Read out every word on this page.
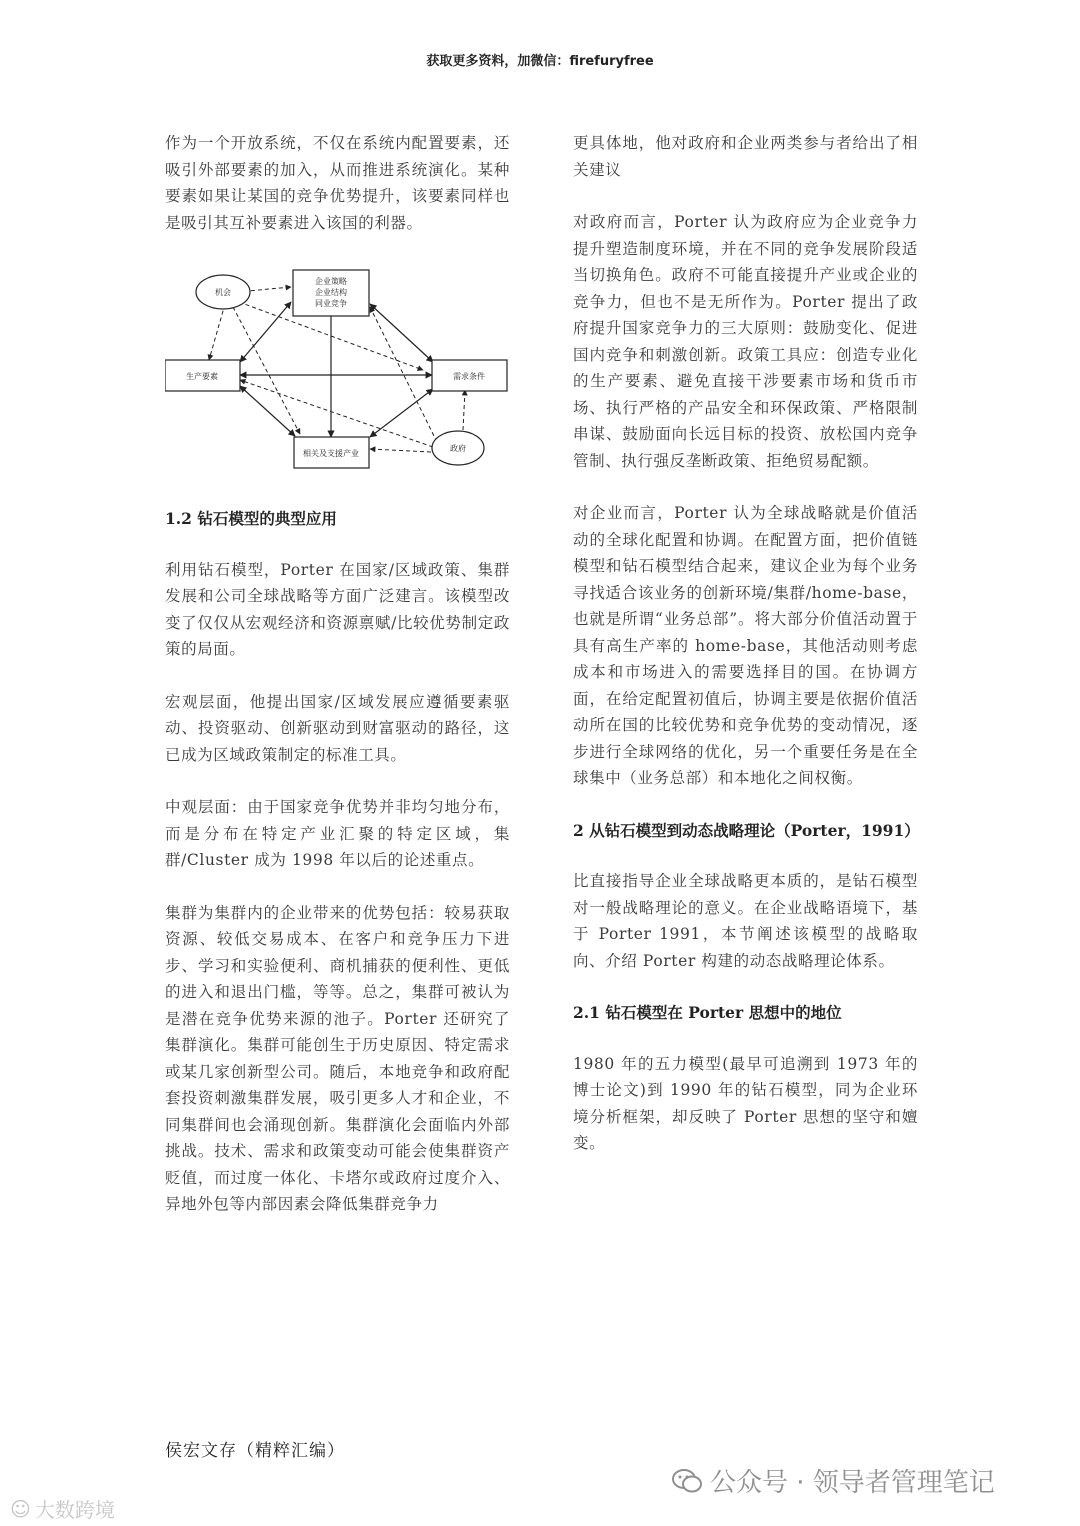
获取更多资料，加微信：firefuryfree

作为一个开放系统，不仅在系统内配置要素，还吸引外部要素的加入，从而推进系统演化。某种要素如果让某国的竞争优势提升，该要素同样也是吸引其互补要素进入该国的利器。

机会
企业策略
企业结构
同业竞争
生产要素	需求条件
相关及支援产业
政府
1.2 钻石模型的典型应用

利用钻石模型，Porter 在国家/区域政策、集群发展和公司全球战略等方面广泛建言。该模型改变了仅仅从宏观经济和资源禀赋/比较优势制定政策的局面。

宏观层面，他提出国家/区域发展应遵循要素驱动、投资驱动、创新驱动到财富驱动的路径，这已成为区域政策制定的标准工具。

中观层面：由于国家竞争优势并非均匀地分布，而是分布在特定产业汇聚的特定区域，集群/Cluster 成为 1998 年以后的论述重点。

集群为集群内的企业带来的优势包括：较易获取资源、较低交易成本、在客户和竞争压力下进步、学习和实验便利、商机捕获的便利性、更低的进入和退出门槛，等等。总之，集群可被认为是潜在竞争优势来源的池子。Porter 还研究了集群演化。集群可能创生于历史原因、特定需求或某几家创新型公司。随后，本地竞争和政府配套投资刺激集群发展，吸引更多人才和企业，不同集群间也会涌现创新。集群演化会面临内外部挑战。技术、需求和政策变动可能会使集群资产贬值，而过度一体化、卡塔尔或政府过度介入、异地外包等内部因素会降低集群竞争力

更具体地，他对政府和企业两类参与者给出了相关建议

对政府而言，Porter 认为政府应为企业竞争力提升塑造制度环境，并在不同的竞争发展阶段适当切换角色。政府不可能直接提升产业或企业的竞争力，但也不是无所作为。Porter 提出了政府提升国家竞争力的三大原则：鼓励变化、促进国内竞争和刺激创新。政策工具应：创造专业化的生产要素、避免直接干涉要素市场和货币市场、执行严格的产品安全和环保政策、严格限制串谋、鼓励面向长远目标的投资、放松国内竞争管制、执行强反垄断政策、拒绝贸易配额。

对企业而言，Porter 认为全球战略就是价值活动的全球化配置和协调。在配置方面，把价值链模型和钻石模型结合起来，建议企业为每个业务寻找适合该业务的创新环境/集群/home-base，也就是所谓“业务总部”。将大部分价值活动置于具有高生产率的 home-base，其他活动则考虑成本和市场进入的需要选择目的国。在协调方面，在给定配置初值后，协调主要是依据价值活动所在国的比较优势和竞争优势的变动情况，逐步进行全球网络的优化，另一个重要任务是在全球集中（业务总部）和本地化之间权衡。

2 从钻石模型到动态战略理论（Porter，1991）

比直接指导企业全球战略更本质的，是钻石模型对一般战略理论的意义。在企业战略语境下，基于 Porter 1991，本节阐述该模型的战略取向、介绍 Porter 构建的动态战略理论体系。

2.1 钻石模型在 Porter 思想中的地位

1980 年的五力模型(最早可追溯到 1973 年的博士论文)到 1990 年的钻石模型，同为企业环境分析框架，却反映了 Porter 思想的坚守和嬗变。

侯宏文存（精粹汇编）
公众号 · 领导者管理笔记
☺ 大数跨境
